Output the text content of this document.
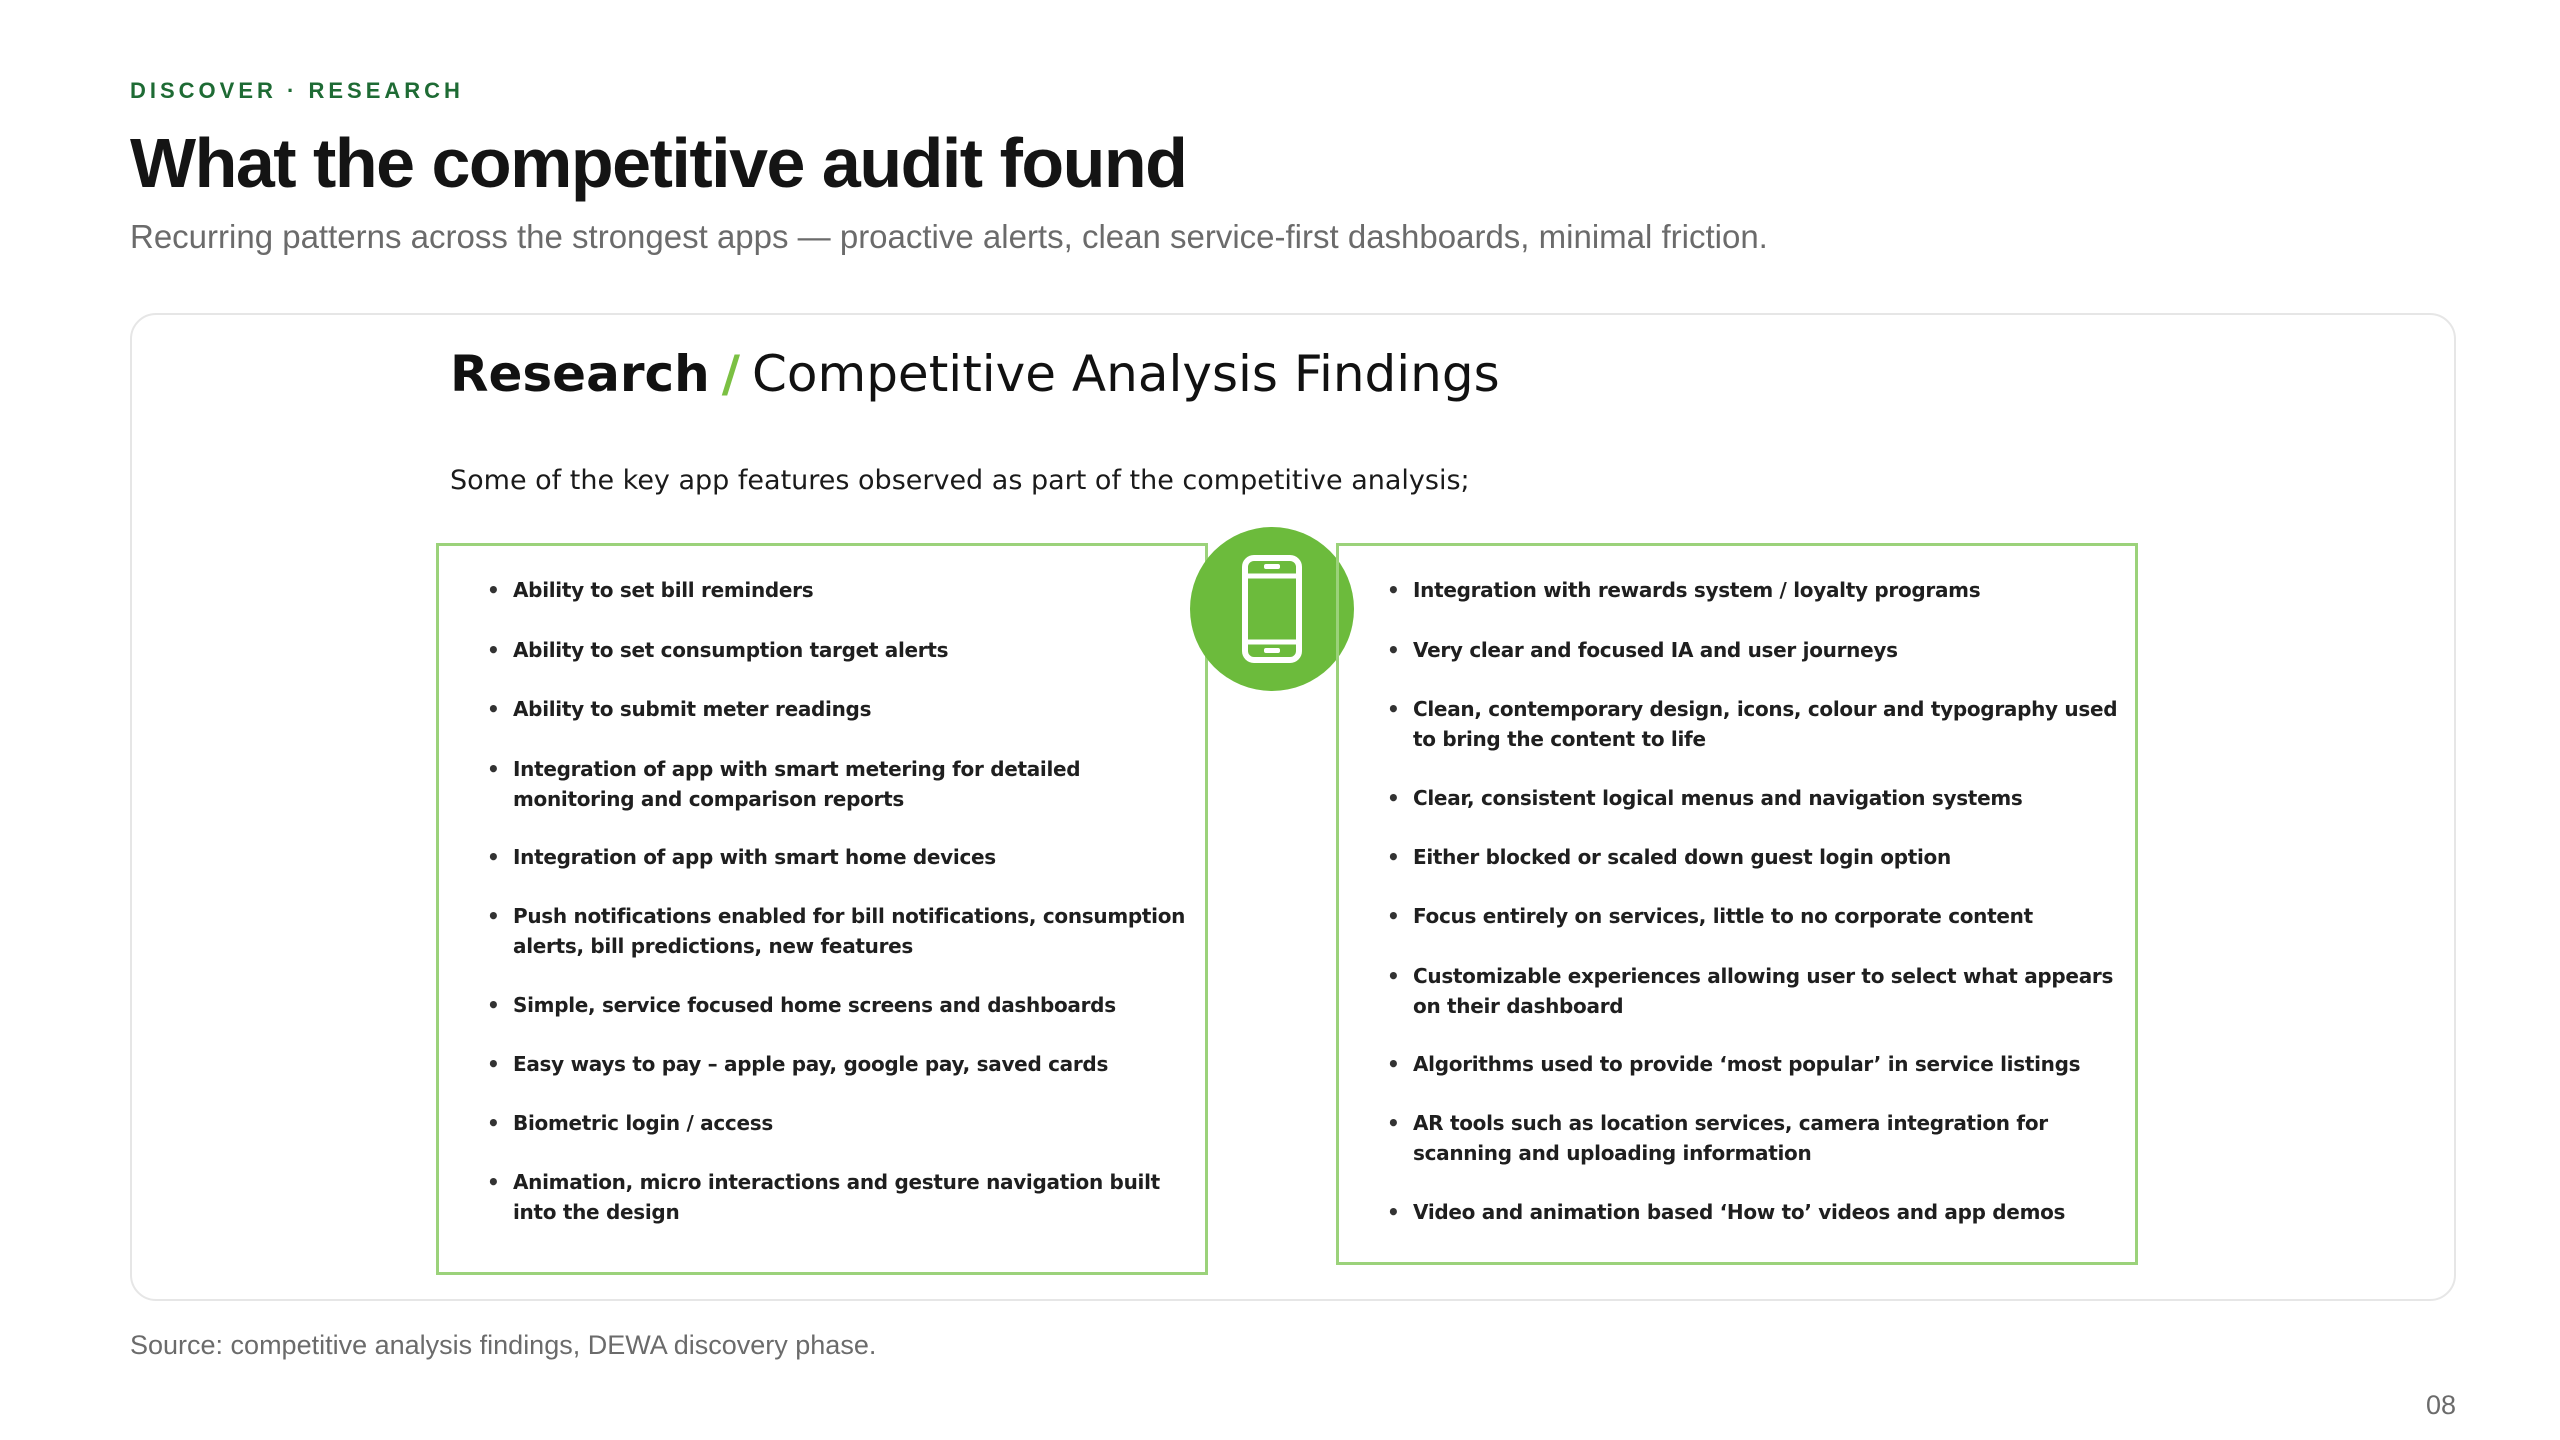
DISCOVER · RESEARCH
What the competitive audit found

Recurring patterns across the strongest apps — proactive alerts, clean service-first dashboards, minimal friction.

Research / Competitive Analysis Findings
Some of the key app features observed as part of the competitive analysis;
• Ability to set bill reminders
• Ability to set consumption target alerts
• Ability to submit meter readings
• Integration of app with smart metering for detailed monitoring and comparison reports
• Integration of app with smart home devices
• Push notifications enabled for bill notifications, consumption alerts, bill predictions, new features
• Simple, service focused home screens and dashboards
• Easy ways to pay – apple pay, google pay, saved cards
• Biometric login / access
• Animation, micro interactions and gesture navigation built into the design
• Integration with rewards system / loyalty programs
• Very clear and focused IA and user journeys
• Clean, contemporary design, icons, colour and typography used to bring the content to life
• Clear, consistent logical menus and navigation systems
• Either blocked or scaled down guest login option
• Focus entirely on services, little to no corporate content
• Customizable experiences allowing user to select what appears on their dashboard
• Algorithms used to provide ‘most popular’ in service listings
• AR tools such as location services, camera integration for scanning and uploading information
• Video and animation based ‘How to’ videos and app demos
Source: competitive analysis findings, DEWA discovery phase.
08
